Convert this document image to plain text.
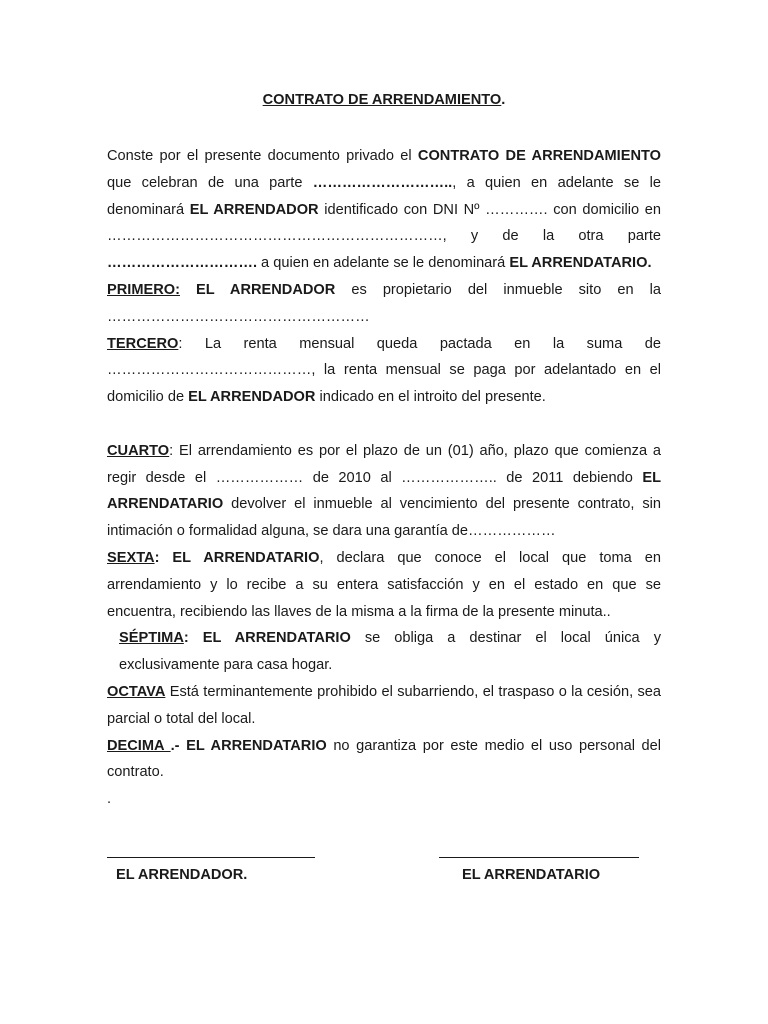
CONTRATO DE ARRENDAMIENTO.

Conste por el presente documento privado el CONTRATO DE ARRENDAMIENTO que celebran de una parte ……………………….., a quien en adelante se le denominará EL ARRENDADOR identificado con DNI Nº …………. con domicilio en ……………………………………………………………, y de la otra parte …………………………. a quien en adelante se le denominará EL ARRENDATARIO.

PRIMERO: EL ARRENDADOR es propietario del inmueble sito en la ………………………………………………

TERCERO: La renta mensual queda pactada en la suma de ……………………………………, la renta mensual se paga por adelantado en el domicilio de EL ARRENDADOR indicado en el introito del presente.

CUARTO: El arrendamiento es por el plazo de un (01) año, plazo que comienza a regir desde el ……………… de 2010 al ……………….. de 2011 debiendo EL ARRENDATARIO devolver el inmueble al vencimiento del presente contrato, sin intimación o formalidad alguna, se dara una garantía de………………

SEXTA: EL ARRENDATARIO, declara que conoce el local que toma en arrendamiento y lo recibe a su entera satisfacción y en el estado en que se encuentra, recibiendo las llaves de la misma a la firma de la presente minuta..

SÉPTIMA: EL ARRENDATARIO se obliga a destinar el local única y exclusivamente para casa hogar.

OCTAVA Está terminantemente prohibido el subarriendo, el traspaso o la cesión, sea parcial o total del local.

DECIMA .- EL ARRENDATARIO no garantiza por este medio el uso personal del contrato.

.

EL ARRENDADOR.	EL ARRENDATARIO
